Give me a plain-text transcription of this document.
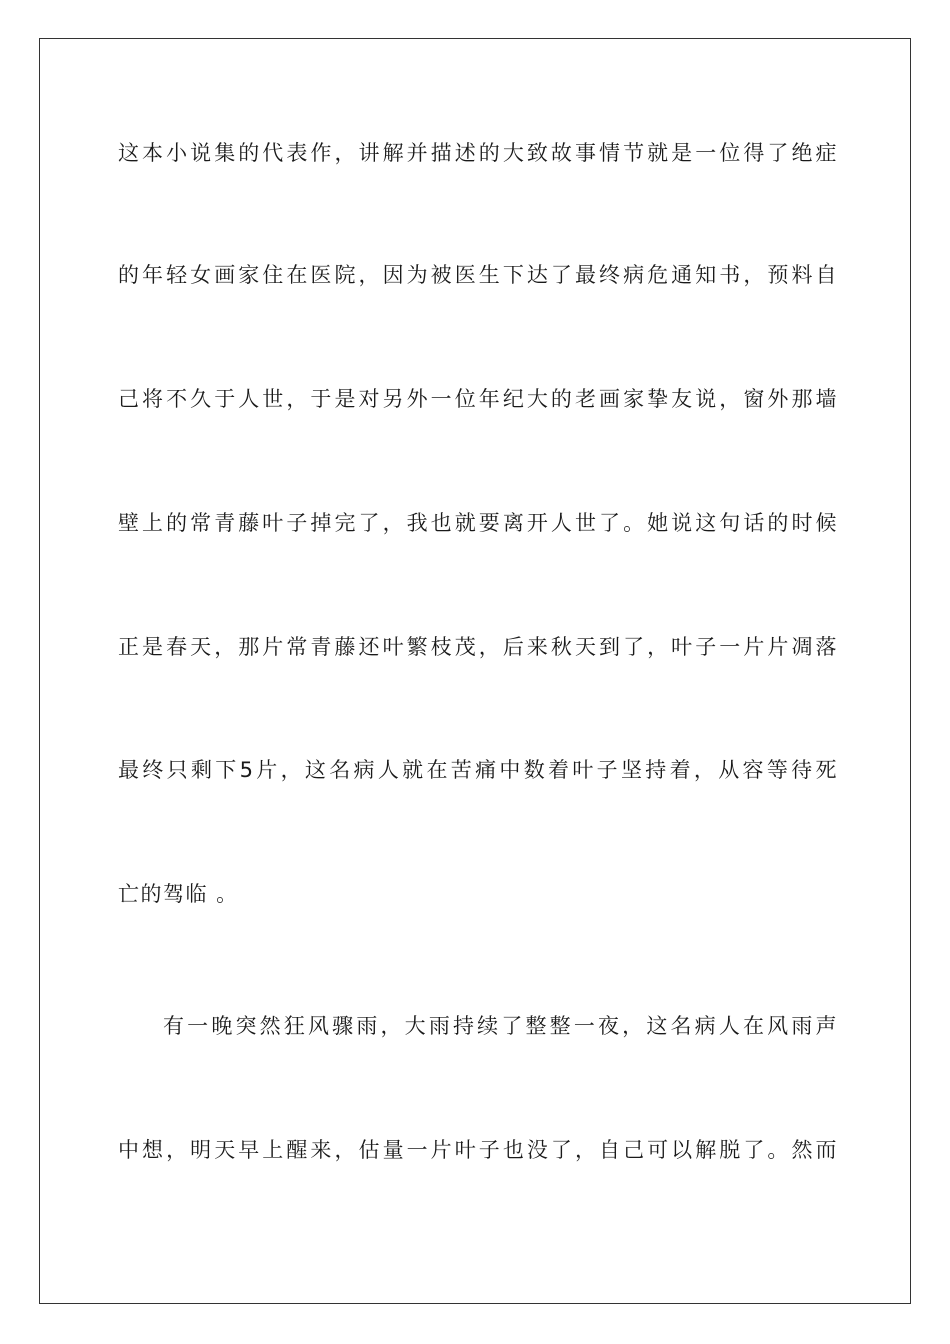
这本小说集的代表作，讲解并描述的大致故事情节就是一位得了绝症
的年轻女画家住在医院，因为被医生下达了最终病危通知书，预料自
己将不久于人世，于是对另外一位年纪大的老画家挚友说，窗外那墙
壁上的常青藤叶子掉完了，我也就要离开人世了。她说这句话的时候
正是春天，那片常青藤还叶繁枝茂，后来秋天到了，叶子一片片凋落
最终只剩下5片，这名病人就在苦痛中数着叶子坚持着，从容等待死
亡的驾临 。
有一晚突然狂风骤雨，大雨持续了整整一夜，这名病人在风雨声
中想，明天早上醒来，估量一片叶子也没了，自己可以解脱了。然而
